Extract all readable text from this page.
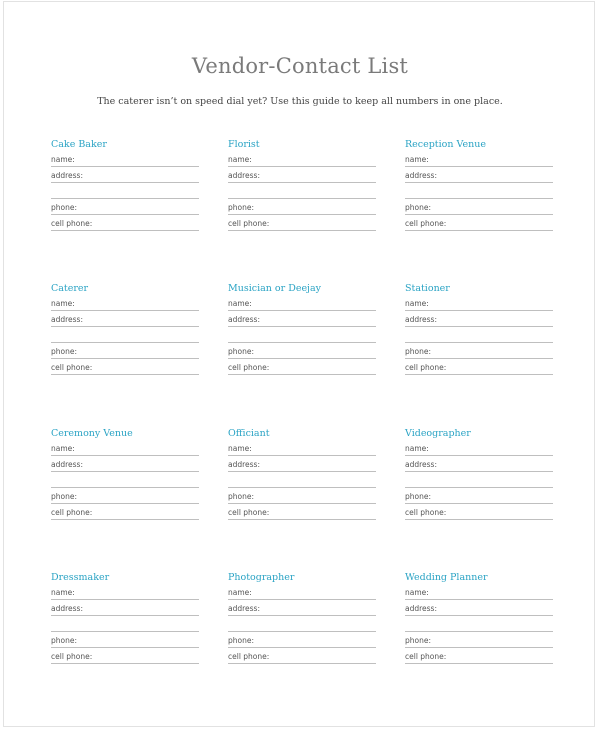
Vendor-Contact List
The caterer isn’t on speed dial yet? Use this guide to keep all numbers in one place.
Cake Baker
name:
address:
phone:
cell phone:
Florist
name:
address:
phone:
cell phone:
Reception Venue
name:
address:
phone:
cell phone:
Caterer
name:
address:
phone:
cell phone:
Musician or Deejay
name:
address:
phone:
cell phone:
Stationer
name:
address:
phone:
cell phone:
Ceremony Venue
name:
address:
phone:
cell phone:
Officiant
name:
address:
phone:
cell phone:
Videographer
name:
address:
phone:
cell phone:
Dressmaker
name:
address:
phone:
cell phone:
Photographer
name:
address:
phone:
cell phone:
Wedding Planner
name:
address:
phone:
cell phone:
